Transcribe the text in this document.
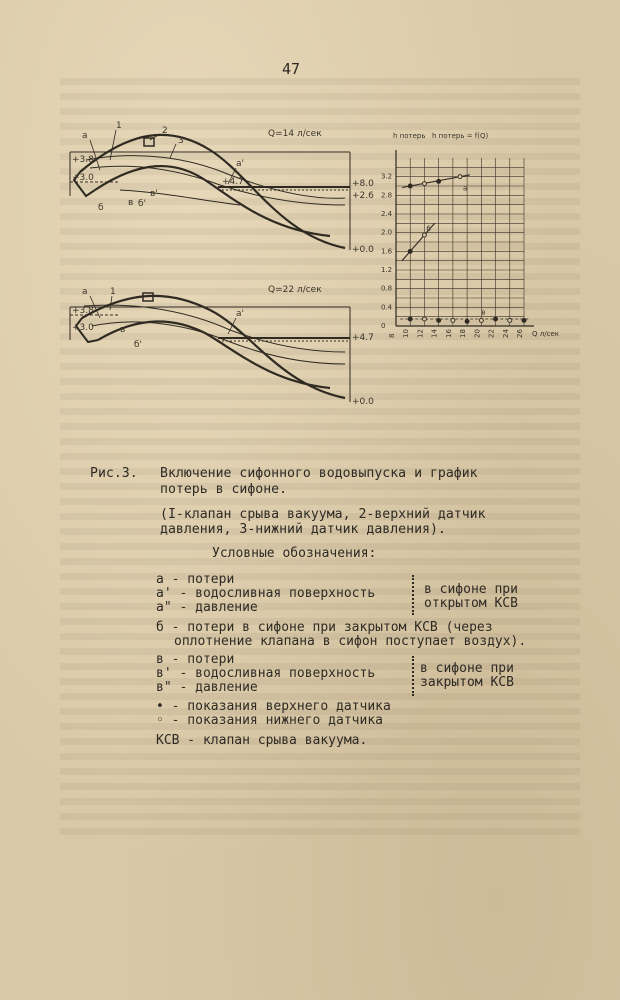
47
Q=14 л/сек
а
б	в
1	2
3
а'
в'
б'
+3.8
+3.0	+4.7	+8.0
+2.6
+0.0
Q=22 л/сек
а 1
в
б'
а'
+3.8
+3.0
+4.7
+0.0
h потерь h потерь = f(Q)
Q л/сек
8 10 12 14 16 18 20 22 24 26
0
0.4
0.8
1.2
1.6
2.0
2.4
2.8
3.2
а
б
в
Рис.3. Включение сифонного водовыпуска и график
потерь в сифоне.
(I-клапан срыва вакуума, 2-верхний датчик
давления, 3-нижний датчик давления).
Условные обозначения:
а - потери
а' - водосливная поверхность
а" - давление
в сифоне при
открытом КСВ
б - потери в сифоне при закрытом КСВ (через
оплотнение клапана в сифон поступает воздух).
в - потери
в' - водосливная поверхность
в" - давление
в сифоне при
закрытом КСВ
• - показания верхнего датчика
◦ - показания нижнего датчика
КСВ - клапан срыва вакуума.
